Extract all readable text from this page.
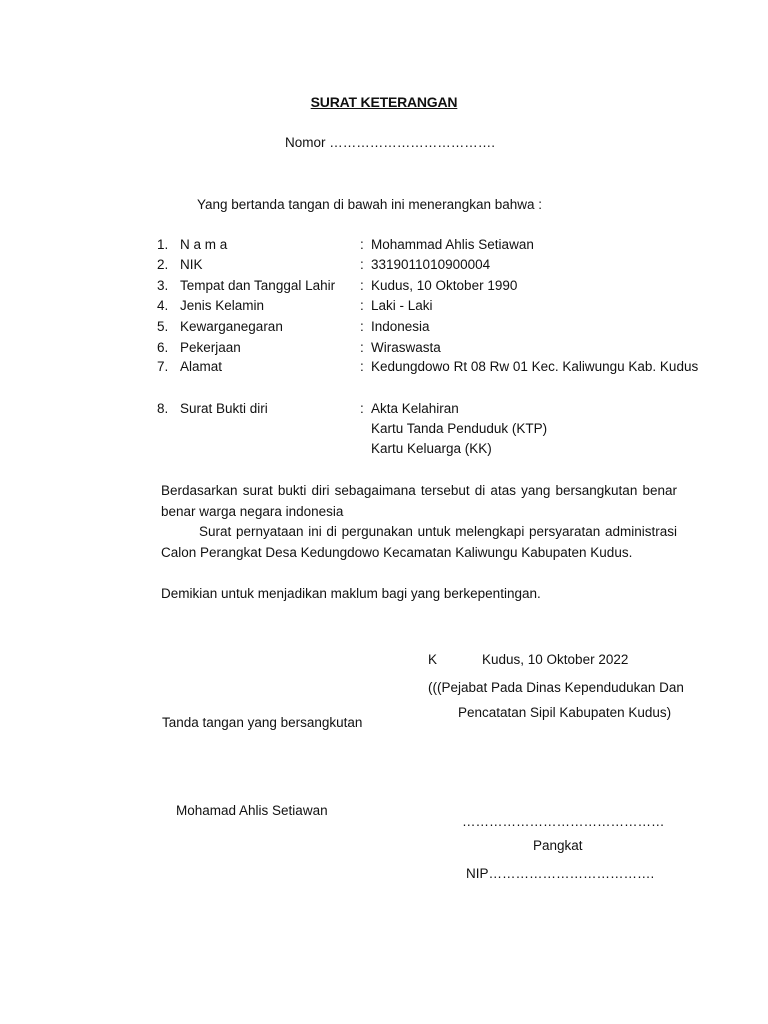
SURAT KETERANGAN
Nomor ……………………………….
Yang bertanda tangan di bawah ini menerangkan bahwa :
1. N a m a	: Mohammad Ahlis Setiawan
2. NIK	: 3319011010900004
3. Tempat dan Tanggal Lahir : Kudus, 10 Oktober 1990
4. Jenis Kelamin	: Laki - Laki
5. Kewarganegaran	: Indonesia
6. Pekerjaan	: Wiraswasta
7. Alamat	: Kedungdowo Rt 08 Rw 01 Kec. Kaliwungu Kab. Kudus
8. Surat Bukti diri	: Akta Kelahiran
Kartu Tanda Penduduk (KTP)
Kartu Keluarga (KK)
Berdasarkan surat bukti diri sebagaimana tersebut di atas yang bersangkutan benar benar warga negara indonesia
Surat pernyataan ini di pergunakan untuk melengkapi persyaratan administrasi Calon Perangkat Desa Kedungdowo Kecamatan Kaliwungu Kabupaten Kudus.
Demikian untuk menjadikan maklum bagi yang berkepentingan.
K	Kudus, 10 Oktober 2022
(((Pejabat Pada Dinas Kependudukan Dan
Pencatatan Sipil Kabupaten Kudus)
Tanda tangan yang bersangkutan
Mohamad Ahlis Setiawan
………………………………………
Pangkat
NIP……………………………….
